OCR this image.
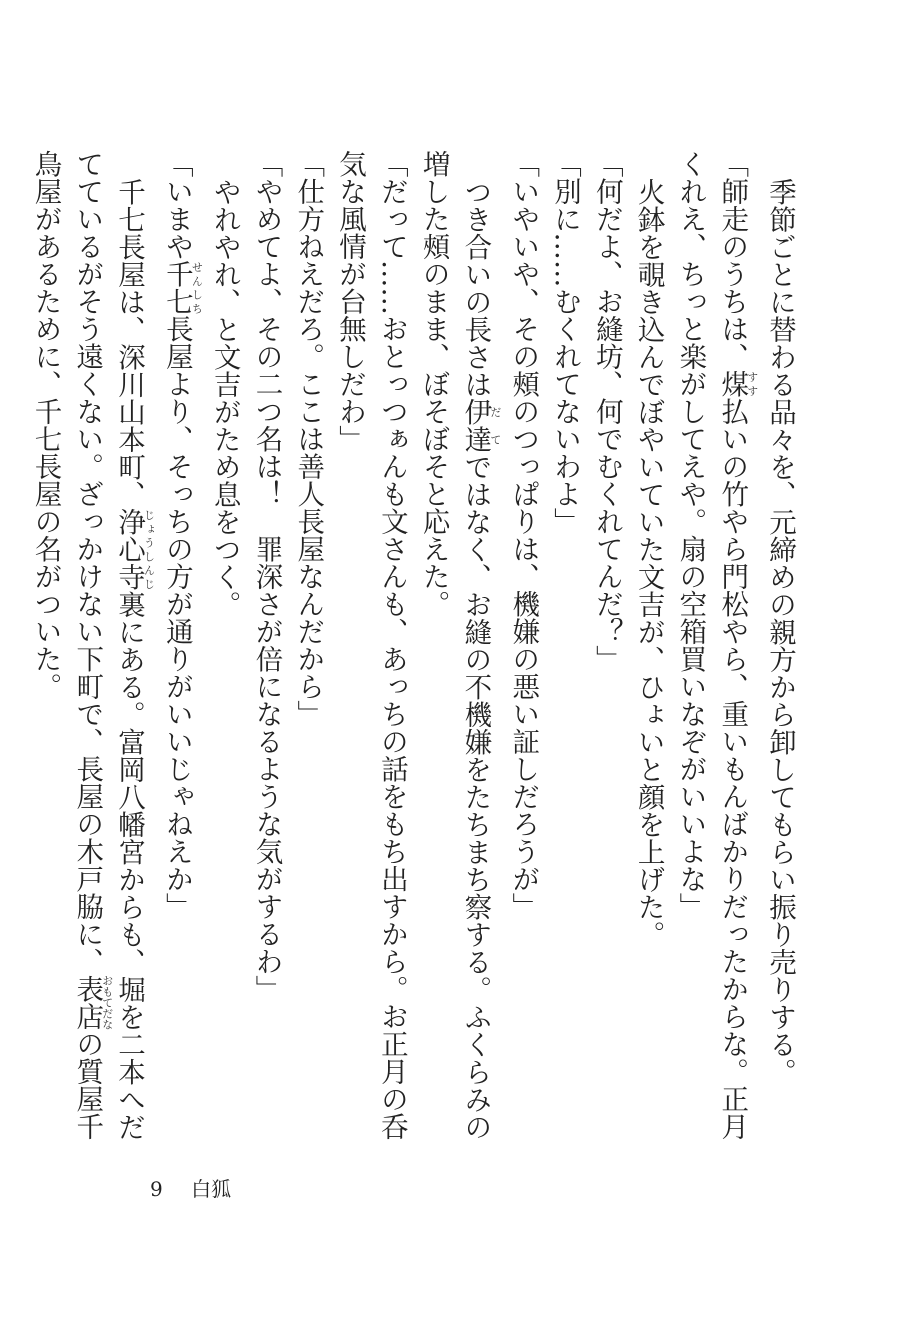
季節ごとに替わる品々を、元締めの親方から卸してもらい振り売りする。

「師走のうちは、煤すす払いの竹やら門松やら、重いもんばかりだったからな。正月くれえ、ちっと楽がしてえや。扇の空箱買いなぞがいいよな」

火鉢を覗き込んでぼやいていた文吉が、ひょいと顔を上げた。

「何だよ、お縫坊、何でむくれてんだ？」

「別に……むくれてないわよ」

「いやいや、その頰のつっぱりは、機嫌の悪い証しだろうが」

つき合いの長さは伊達だてではなく、お縫の不機嫌をたちまち察する。ふくらみの増した頰のまま、ぼそぼそと応えた。

「だって……おとっつぁんも文さんも、あっちの話をもち出すから。お正月の呑気な風情が台無しだわ」

「仕方ねえだろ。ここは善人長屋なんだから」

「やめてよ、その二つ名は！　罪深さが倍になるような気がするわ」

やれやれ、と文吉がため息をつく。

「いまや千七せんしち長屋より、そっちの方が通りがいいじゃねえか」

千七長屋は、深川山本町、浄心寺じょうしんじ裏にある。富岡八幡宮からも、堀を二本へだてているがそう遠くない。ざっかけない下町で、長屋の木戸脇に、表店おもてだなの質屋千鳥屋があるために、千七長屋の名がついた。

9 白狐
